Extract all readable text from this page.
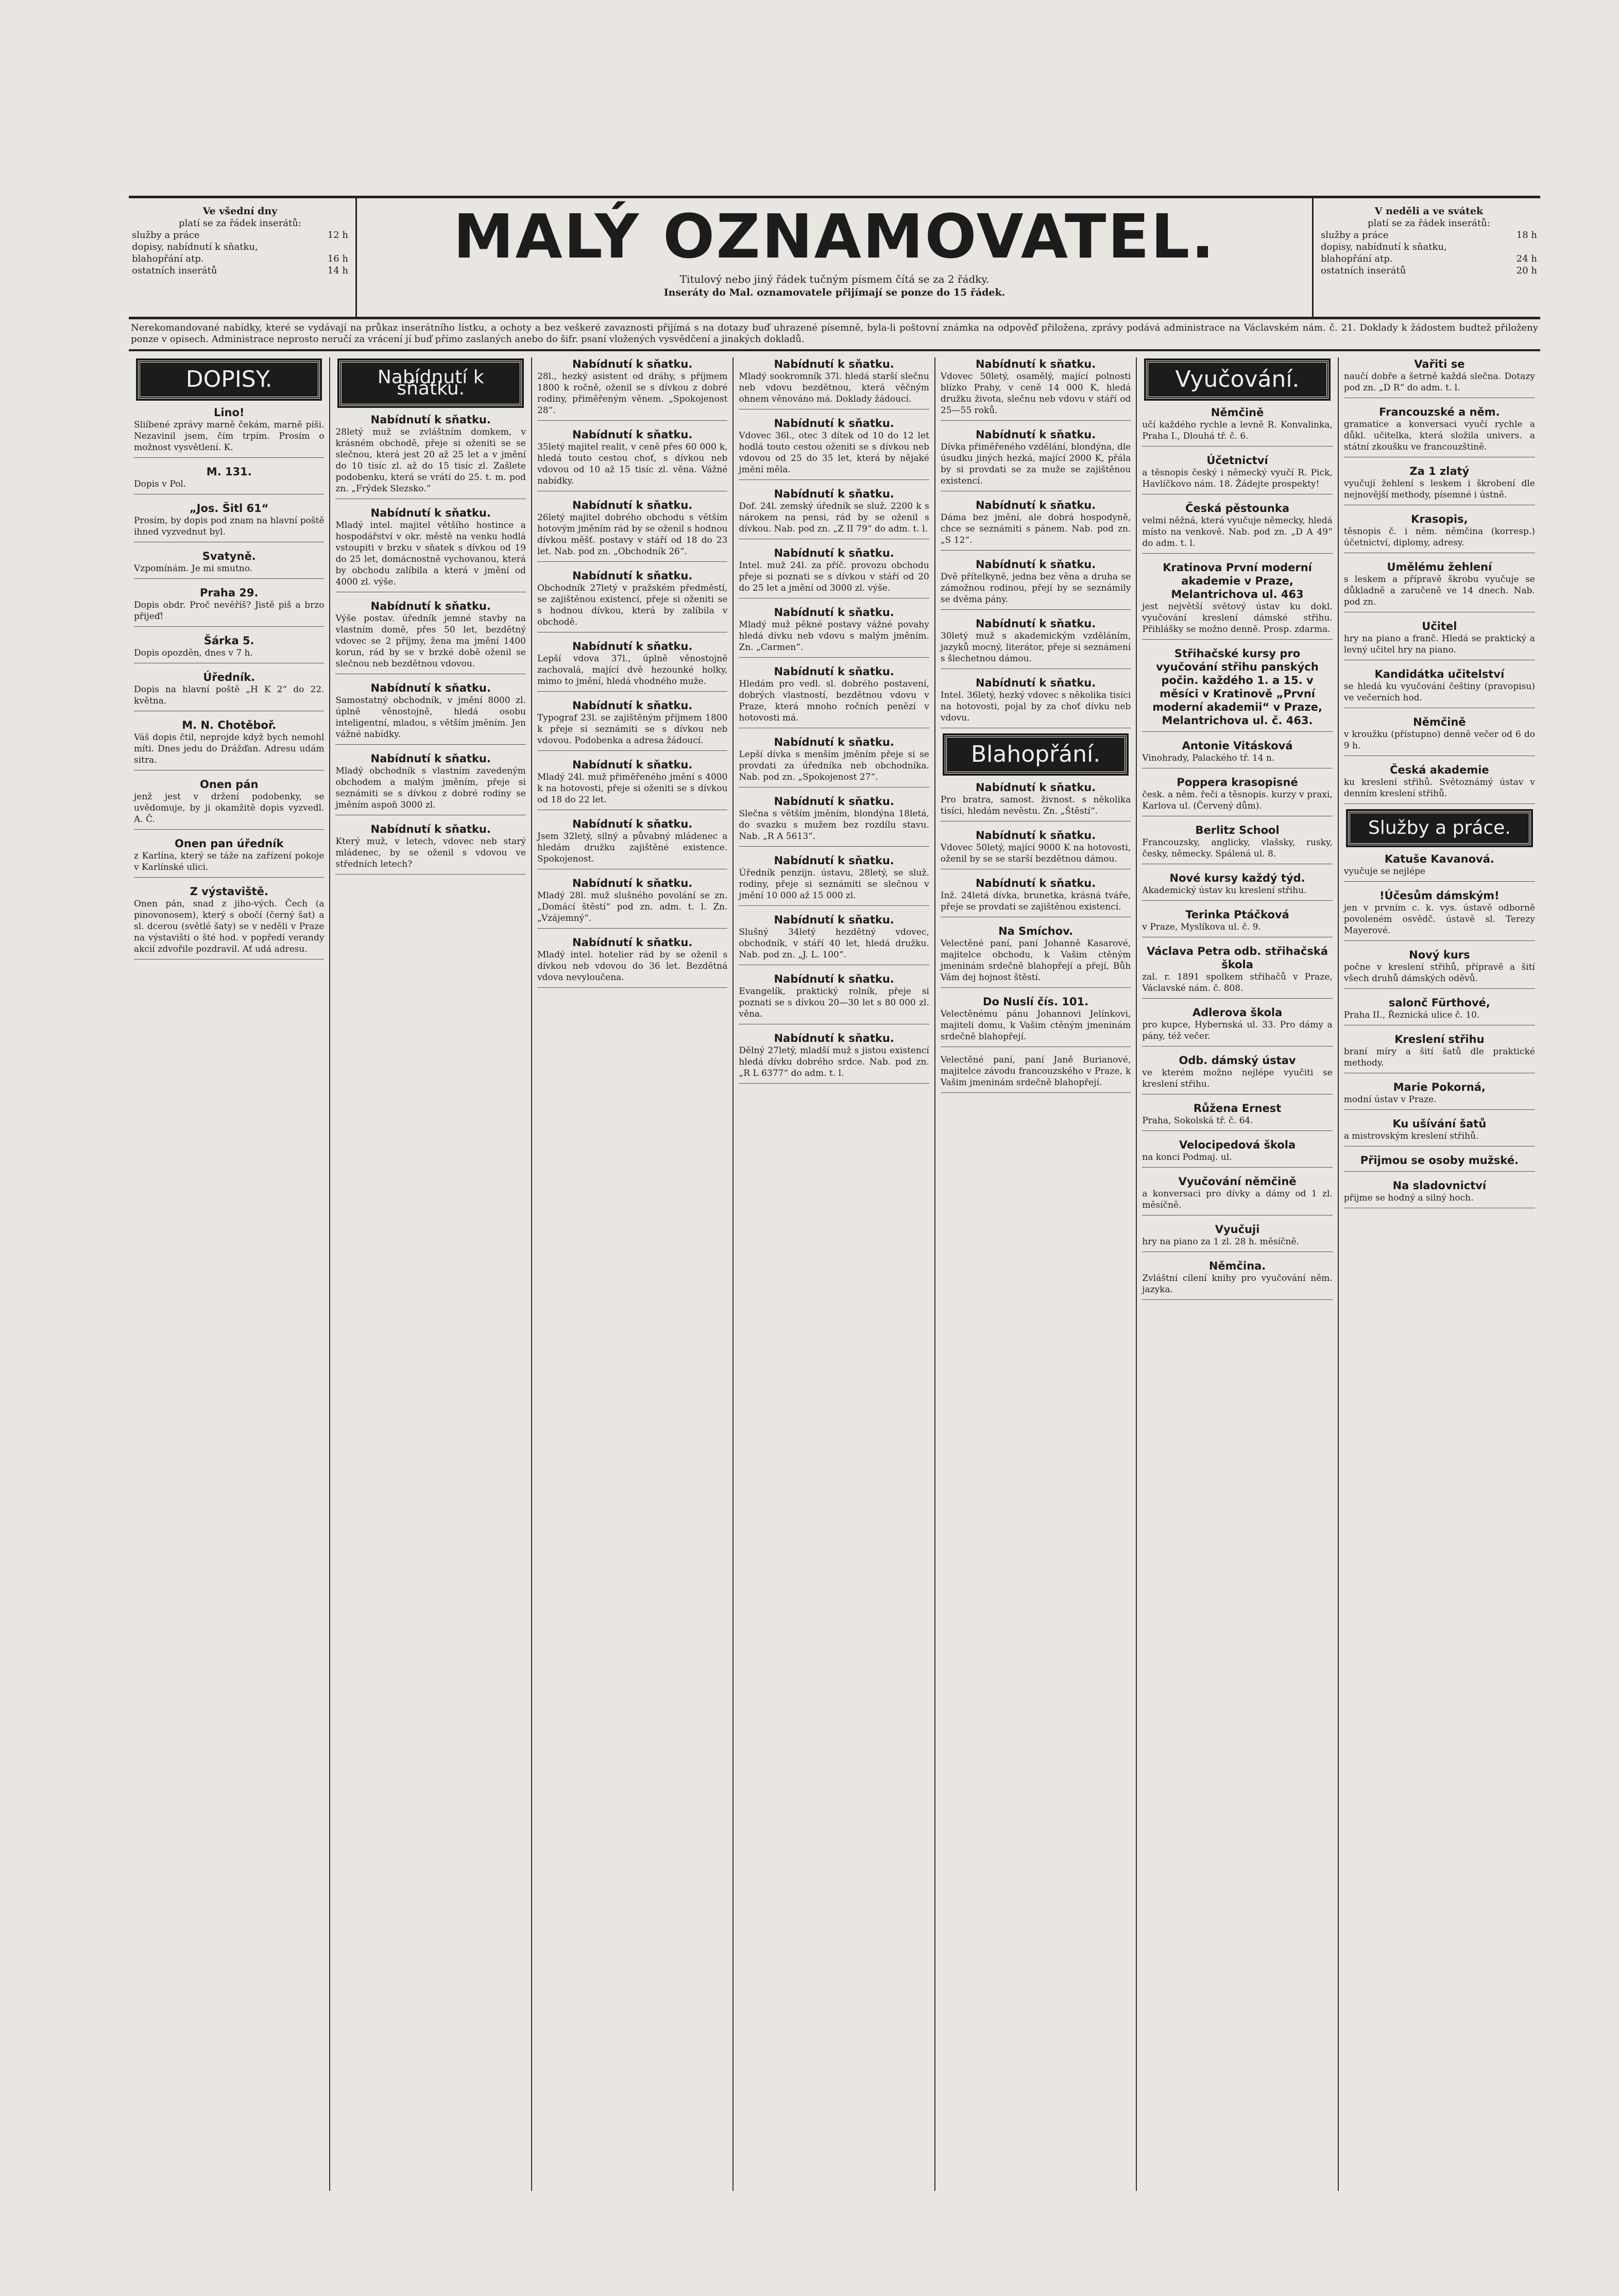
Ve všední dny
platí se za řádek inserátů:
služby a práce	12 h
dopisy, nabídnutí k sňatku,
blahopřání atp.	16 h
ostatních inserátů	14 h	MALÝ OZNAMOVATEL.
Titulový nebo jiný řádek tučným písmem čítá se za 2 řádky.
Inseráty do Mal. oznamovatele přijímají se ponze do 15 řádek.
V neděli a ve svátek
platí se za řádek inserátů:
služby a práce	18 h
dopisy, nabídnutí k sňatku,
blahopřání atp.	24 h
ostatních inserátů	20 h
Nerekomandované nabídky, které se vydávají na průkaz inserátního lístku, a ochoty a bez veškeré zavaznosti přijímá s na dotazy buď uhrazené písemně, byla-li poštovní známka na odpověď přiložena, zprávy podává administrace na Václavském nám. č. 21. Doklady k žádostem budtež přiloženy ponze v opisech. Administrace neprosto neručí za vrácení jí buď přímo zaslaných anebo do šifr. psaní vložených vysvědčení a jinakých dokladů.
DOPISY.
Lino!
Sliíbené zprávy marně čekám, marně píši. Nezavinil jsem, čím trpím. Prosím o možnost vysvětlení. K.
M. 131.
Dopis v Pol.
„Jos. Šitl 61“
Prosím, by dopis pod znam na hlavní poště ihned vyzvednut byl.
Svatyně.
Vzpomínám. Je mi smutno.
Praha 29.
Dopis obdr. Proč nevěříš? Jistě piš a brzo přijeď!
Šárka 5.
Dopis opozděn, dnes v 7 h.
Úředník.
Dopis na hlavní poště „H K 2“ do 22. května.
M. N. Chotěboř.
Váš dopis čtil, neprojde když bych nemohl míti. Dnes jedu do Drážďan. Adresu udám sitra.
Onen pán
jenž jest v držení podobenky, se uvědomuje, by ji okamžitě dopis vyzvedl. A. Č.
Onen pan úředník
z Karlína, který se táže na zařízení pokoje v Karlínské ulici.
Z výstaviště.
Onen pán, snad z jiho-vých. Čech (a pinovonosem), který s obočí (černý šat) a sl. dcerou (světlé šaty) se v neděli v Praze na výstavišti o šté hod. v popředí verandy akcií zdvořile pozdravil. Ať udá adresu.
Nabídnutí k sňatku.
Nabídnutí k sňatku.
28letý muž se zvláštním domkem, v krásném obchodě, přeje si oženiti se se slečnou, která jest 20 až 25 let a v jmění do 10 tisíc zl. až do 15 tisíc zl. Zašlete podobenku, která se vrátí do 25. t. m. pod zn. „Frýdek Slezsko.“
Nabídnutí k sňatku.
Mladý intel. majitel většího hostince a hospodářství v okr. městě na venku hodlá vstoupiti v brzku v sňatek s dívkou od 19 do 25 let, domácnostně vychovanou, která by obchodu zalíbila a která v jmění od 4000 zl. výše.
Nabídnutí k sňatku.
Výše postav. úředník jemné stavby na vlastním domě, přes 50 let, bezdětný vdovec se 2 příjmy, žena ma jmění 1400 korun, rád by se v brzké době oženil se slečnou neb bezdětnou vdovou.
Nabídnutí k sňatku.
Samostatný obchodník, v jmění 8000 zl. úplně věnostojně, hledá osobu inteligentní, mladou, s větším jměním. Jen vážné nabídky.
Nabídnutí k sňatku.
Mladý obchodník s vlastním zavedeným obchodem a malým jměním, přeje si seznámiti se s dívkou z dobré rodiny se jměním aspoň 3000 zl.
Nabídnutí k sňatku.
Který muž, v letech, vdovec neb starý mládenec, by se oženil s vdovou ve středních letech?
Nabídnutí k sňatku.
28l., hezký asistent od dráhy, s příjmem 1800 k ročně, oženil se s dívkou z dobré rodiny, přiměřeným věnem. „Spokojenost 28“.
Nabídnutí k sňatku.
35letý majitel realit, v ceně přes 60 000 k, hledá touto cestou choť, s dívkou neb vdovou od 10 až 15 tisíc zl. věna. Vážné nabídky.
Nabídnutí k sňatku.
26letý majitel dobrého obchodu s větším hotovým jměním rád by se oženil s hodnou dívkou měšť. postavy v stáří od 18 do 23 let. Nab. pod zn. „Obchodník 26“.
Nabídnutí k sňatku.
Obchodník 27letý v pražském předměstí, se zajištěnou existencí, přeje si oženiti se s hodnou dívkou, která by zalíbila v obchodě.
Nabídnutí k sňatku.
Lepší vdova 37l., úplně věnostojně zachovalá, mající dvě hezounké holky, mimo to jmění, hledá vhodného muže.
Nabídnutí k sňatku.
Typograf 23l. se zajištěným příjmem 1800 k přeje si seznámiti se s dívkou neb vdovou. Podobenka a adresa žádoucí.
Nabídnutí k sňatku.
Mladý 24l. muž přiměřeného jmění s 4000 k na hotovosti, přeje si oženiti se s dívkou od 18 do 22 let.
Nabídnutí k sňatku.
Jsem 32letý, silný a půvabný mládenec a hledám družku zajištěné existence. Spokojenost.
Nabídnutí k sňatku.
Mladý 28l. muž slušného povolání se zn. „Domácí štěstí“ pod zn. adm. t. l. Zn. „Vzájemný“.
Nabídnutí k sňatku.
Mladý intel. hotelier rád by se oženil s dívkou neb vdovou do 36 let. Bezdětná vdova nevyloučena.
Nabídnutí k sňatku.
Mladý sookromník 37l. hledá starší slečnu neb vdovu bezdětnou, která věčným ohnem věnováno má. Doklady žádoucí.
Nabídnutí k sňatku.
Vdovec 36l., otec 3 dítek od 10 do 12 let hodlá touto cestou oženiti se s dívkou neb vdovou od 25 do 35 let, která by nějaké jmění měla.
Nabídnutí k sňatku.
Dof. 24l. zemský úředník se služ. 2200 k s nárokem na pensi, rád by se oženil s dívkou. Nab. pod zn. „Z II 79“ do adm. t. l.
Nabídnutí k sňatku.
Intel. muž 24l. za příč. provozu obchodu přeje si poznati se s dívkou v stáří od 20 do 25 let a jmění od 3000 zl. výše.
Nabídnutí k sňatku.
Mladý muž pěkné postavy vážné povahy hledá dívku neb vdovu s malým jměním. Zn. „Carmen“.
Nabídnutí k sňatku.
Hledám pro vedl. sl. dobrého postavení, dobrých vlastností, bezdětnou vdovu v Praze, která mnoho ročních penězí v hotovosti má.
Nabídnutí k sňatku.
Lepší dívka s menším jměním přeje si se provdati za úředníka neb obchodníka. Nab. pod zn. „Spokojenost 27“.
Nabídnutí k sňatku.
Slečna s větším jměním, blondýna 18letá, do svazku s mužem bez rozdílu stavu. Nab. „R A 5613“.
Nabídnutí k sňatku.
Úředník penzijn. ústavu, 28letý, se služ. rodiny, přeje si seznámiti se slečnou v jmění 10 000 až 15 000 zl.
Nabídnutí k sňatku.
Slušný 34letý hezdětný vdovec, obchodník, v stáří 40 let, hledá družku. Nab. pod zn. „J. L. 100“.
Nabídnutí k sňatku.
Evangelík, praktický rolník, přeje si poznati se s dívkou 20—30 let s 80 000 zl. věna.
Nabídnutí k sňatku.
Dělný 27letý, mladší muž s jistou existencí hledá dívku dobrého srdce. Nab. pod zn. „R L 6377“ do adm. t. l.
Nabídnutí k sňatku.
Vdovec 50letý, osamělý, mající polnosti blízko Prahy, v ceně 14 000 K, hledá družku života, slečnu neb vdovu v stáří od 25—55 roků.
Nabídnutí k sňatku.
Dívka přiměřeného vzdělání, blondýna, dle úsudku jiných hezká, mající 2000 K, přála by si provdati se za muže se zajištěnou existencí.
Nabídnutí k sňatku.
Dáma bez jmění, ale dobrá hospodyně, chce se seznámiti s pánem. Nab. pod zn. „S 12“.
Nabídnutí k sňatku.
Dvě přítelkyně, jedna bez věna a druha se zámožnou rodinou, přejí by se seznámily se dvěma pány.
Nabídnutí k sňatku.
30letý muž s akademickým vzděláním, jazyků mocný, literátor, přeje si seznámení s šlechetnou dámou.
Nabídnutí k sňatku.
Intel. 36letý, hezký vdovec s několika tisíci na hotovosti, pojal by za choť dívku neb vdovu.
Blahopřání.
Nabídnutí k sňatku.
Pro bratra, samost. živnost. s několika tisíci, hledám nevěstu. Zn. „Štěstí“.
Nabídnutí k sňatku.
Vdovec 50letý, mající 9000 K na hotovosti, oženil by se se starší bezdětnou dámou.
Nabídnutí k sňatku.
Inž. 24letá dívka, brunetka, krásná tváře, přeje se provdati se zajištěnou existencí.
Na Smíchov.
Velectěné paní, paní Johanně Kasarové, majitelce obchodu, k Vašim ctěným jmeninám srdečně blahopřejí a přejí, Bůh Vám dej hojnost štěstí.
Do Nuslí čís. 101.
Velectěnému pánu Johannovi Jelínkovi, majiteli domu, k Vašim ctěným jmeninám srdečně blahopřejí.
Velectěné paní, paní Janě Burianové, majitelce závodu francouzského v Praze, k Vašim jmeninám srdečně blahopřejí.
Vyučování.
Němčině
učí každého rychle a levně R. Konvalinka, Praha I., Dlouhá tř. č. 6.
Účetnictví
a těsnopis český i německý vyučí R. Pick, Havlíčkovo nám. 18. Žádejte prospekty!
Česká pěstounka
velmi něžná, která vyučuje německy, hledá místo na venkově. Nab. pod zn. „D A 49“ do adm. t. l.
Kratinova První moderní akademie v Praze, Melantrichova ul. 463
jest největší světový ústav ku dokl. vyučování kreslení dámské střihu. Přihlášky se možno denně. Prosp. zdarma.
Střihačské kursy pro vyučování střihu panských počin. každého 1. a 15. v měsíci v Kratinově „První moderní akademii“ v Praze, Melantrichova ul. č. 463.
Antonie Vitásková
Vinohrady, Palackého tř. 14 n.
Poppera krasopisné
česk. a něm. řeči a těsnopis. kurzy v praxi, Karlova ul. (Červený dům).
Berlitz School
Francouzsky, anglicky, vlašsky, rusky, česky, německy. Spálená ul. 8.
Nové kursy každý týd.
Akademický ústav ku kreslení střihu.
Terinka Ptáčková
v Praze, Myslíkova ul. č. 9.
Václava Petra odb. střihačská škola
zal. r. 1891 spolkem střihačů v Praze, Václavské nám. č. 808.
Adlerova škola
pro kupce, Hybernská ul. 33. Pro dámy a pány, též večer.
Odb. dámský ústav
ve kterém možno nejlépe vyučiti se kreslení střihu.
Růžena Ernest
Praha, Sokolská tř. č. 64.
Velocipedová škola
na konci Podmaj. ul.
Vyučování němčině
a konversaci pro dívky a dámy od 1 zl. měsíčně.
Vyučuji
hry na piano za 1 zl. 28 h. měsíčně.
Němčina.
Zvláštní cílení knihy pro vyučování něm. jazyka.
Vařiti se
naučí dobře a šetrně každá slečna. Dotazy pod zn. „D R“ do adm. t. l.
Francouzské a něm.
gramatice a konversaci vyučí rychle a důkl. učitelka, která složila univers. a státní zkoušku ve francouzštině.
Za 1 zlatý
vyučují žehlení s leskem i škrobení dle nejnovější methody, písemné i ústně.
Krasopis,
těsnopis č. i něm. němčina (korresp.) účetnictví, diplomy, adresy.
Umělému žehlení
s leskem a přípravě škrobu vyučuje se důkladně a zaručeně ve 14 dnech. Nab. pod zn.
Učitel
hry na piano a franč. Hledá se praktický a levný učitel hry na piano.
Kandidátka učitelství
se hledá ku vyučování češtiny (pravopisu) ve večerních hod.
Němčině
v kroužku (přístupno) denně večer od 6 do 9 h.
Česká akademie
ku kreslení střihů. Světoznámý ústav v denním kreslení střihů.
Služby a práce.
Katuše Kavanová.
vyučuje se nejlépe
!Účesům dámským!
jen v prvním c. k. vys. ústavě odborně povoleném osvědč. ústavě sl. Terezy Mayerové.
Nový kurs
počne v kreslení střihů, přípravě a šití všech druhů dámských oděvů.
salonč Fürthové,
Praha II., Řeznická ulice č. 10.
Kreslení střihu
braní míry a šití šatů dle praktické methody.
Marie Pokorná,
modní ústav v Praze.
Ku ušívání šatů
a mistrovským kreslení střihů.
Přijmou se osoby mužské.
Na sladovnictví
přijme se hodný a silný hoch.
